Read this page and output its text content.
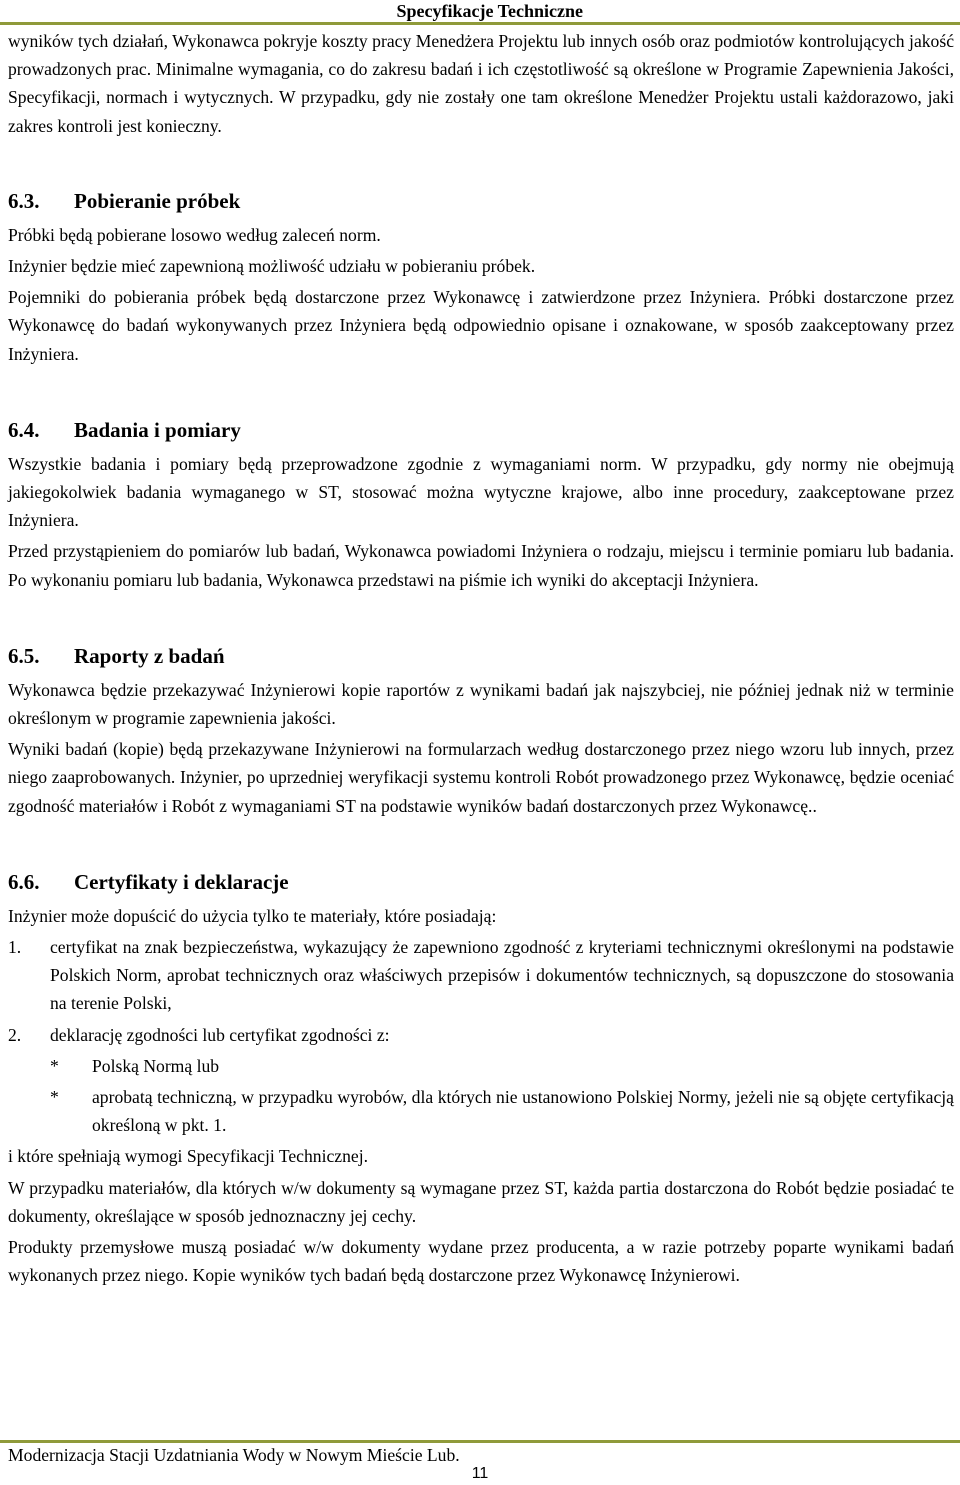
Specyfikacje Techniczne

wyników tych działań, Wykonawca pokryje koszty pracy Menedżera Projektu lub innych osób oraz podmiotów kontrolujących jakość prowadzonych prac. Minimalne wymagania, co do zakresu badań i ich częstotliwość są określone w Programie Zapewnienia Jakości, Specyfikacji, normach i wytycznych. W przypadku, gdy nie zostały one tam określone Menedżer Projektu ustali każdorazowo, jaki zakres kontroli jest konieczny.

6.3.	Pobieranie próbek

Próbki będą pobierane losowo według zaleceń norm.

Inżynier będzie mieć zapewnioną możliwość udziału w pobieraniu próbek.

Pojemniki do pobierania próbek będą dostarczone przez Wykonawcę i zatwierdzone przez Inżyniera. Próbki dostarczone przez Wykonawcę do badań wykonywanych przez Inżyniera będą odpowiednio opisane i oznakowane, w sposób zaakceptowany przez Inżyniera.

6.4.	Badania i pomiary

Wszystkie badania i pomiary będą przeprowadzone zgodnie z wymaganiami norm. W przypadku, gdy normy nie obejmują jakiegokolwiek badania wymaganego w ST, stosować można wytyczne krajowe, albo inne procedury, zaakceptowane przez Inżyniera.

Przed przystąpieniem do pomiarów lub badań, Wykonawca powiadomi Inżyniera o rodzaju, miejscu i terminie pomiaru lub badania. Po wykonaniu pomiaru lub badania, Wykonawca przedstawi na piśmie ich wyniki do akceptacji Inżyniera.

6.5.	Raporty z badań

Wykonawca będzie przekazywać Inżynierowi kopie raportów z wynikami badań jak najszybciej, nie później jednak niż w terminie określonym w programie zapewnienia jakości.

Wyniki badań (kopie) będą przekazywane Inżynierowi na formularzach według dostarczonego przez niego wzoru lub innych, przez niego zaaprobowanych. Inżynier, po uprzedniej weryfikacji systemu kontroli Robót prowadzonego przez Wykonawcę, będzie oceniać zgodność materiałów i Robót z wymaganiami ST na podstawie wyników badań dostarczonych przez Wykonawcę..

6.6.	Certyfikaty i deklaracje

Inżynier może dopuścić do użycia tylko te materiały, które posiadają:

1.	certyfikat na znak bezpieczeństwa, wykazujący że zapewniono zgodność z kryteriami technicznymi określonymi na podstawie Polskich Norm, aprobat technicznych oraz właściwych przepisów i dokumentów technicznych, są dopuszczone do stosowania na terenie Polski,
2.	deklarację zgodności lub certyfikat zgodności z:
*	Polską Normą lub
*	aprobatą techniczną, w przypadku wyrobów, dla których nie ustanowiono Polskiej Normy, jeżeli nie są objęte certyfikacją określoną w pkt. 1.

i które spełniają wymogi Specyfikacji Technicznej.

W przypadku materiałów, dla których w/w dokumenty są wymagane przez ST, każda partia dostarczona do Robót będzie posiadać te dokumenty, określające w sposób jednoznaczny jej cechy.

Produkty przemysłowe muszą posiadać w/w dokumenty wydane przez producenta, a w razie potrzeby poparte wynikami badań wykonanych przez niego. Kopie wyników tych badań będą dostarczone przez Wykonawcę Inżynierowi.

Modernizacja Stacji Uzdatniania Wody w Nowym Mieście Lub.
11
